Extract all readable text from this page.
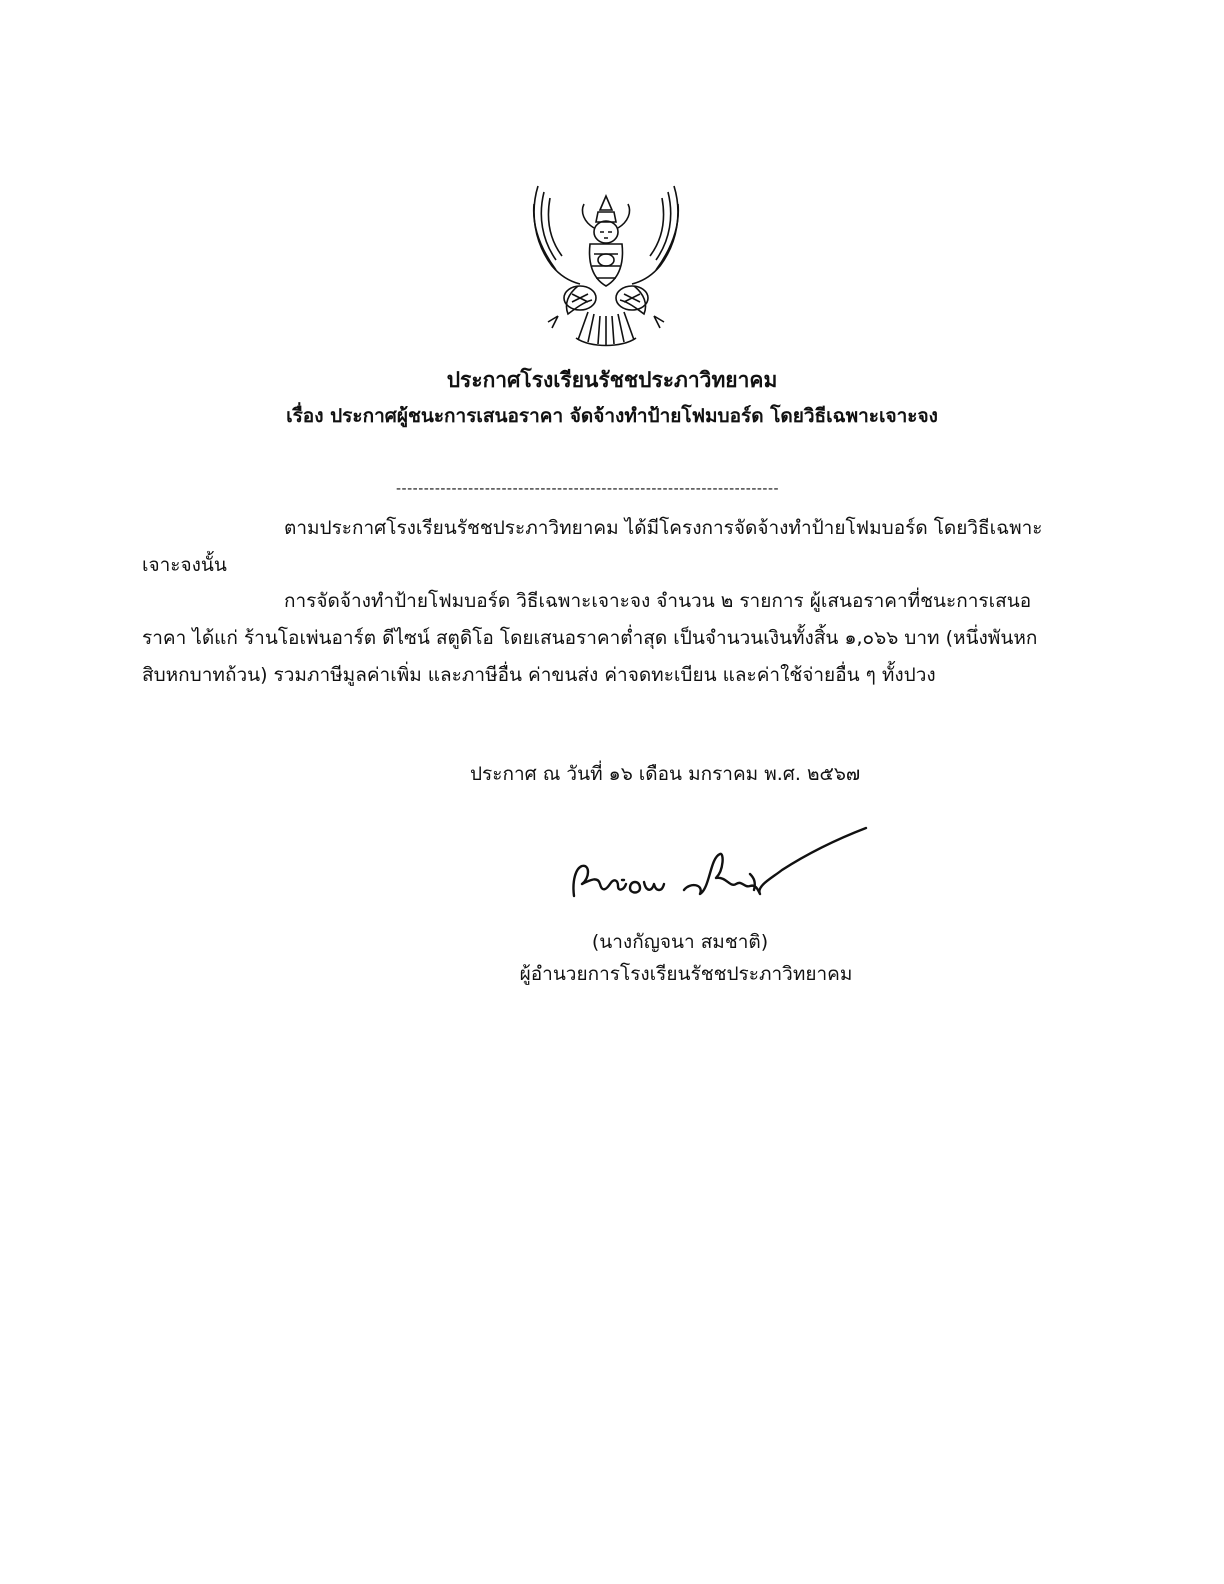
ประกาศโรงเรียนรัชชประภาวิทยาคม
เรื่อง ประกาศผู้ชนะการเสนอราคา จัดจ้างทำป้ายโฟมบอร์ด โดยวิธีเฉพาะเจาะจง
---------------------------------------------------------------------

ตามประกาศโรงเรียนรัชชประภาวิทยาคม ได้มีโครงการจัดจ้างทำป้ายโฟมบอร์ด โดยวิธีเฉพาะเจาะจงนั้น

การจัดจ้างทำป้ายโฟมบอร์ด วิธีเฉพาะเจาะจง จำนวน ๒ รายการ ผู้เสนอราคาที่ชนะการเสนอราคา ได้แก่ ร้านโอเพ่นอาร์ต ดีไซน์ สตูดิโอ โดยเสนอราคาต่ำสุด เป็นจำนวนเงินทั้งสิ้น ๑,๐๖๖ บาท (หนึ่งพันหกสิบหกบาทถ้วน) รวมภาษีมูลค่าเพิ่ม และภาษีอื่น ค่าขนส่ง ค่าจดทะเบียน และค่าใช้จ่ายอื่น ๆ ทั้งปวง

ประกาศ ณ วันที่ ๑๖ เดือน มกราคม พ.ศ. ๒๕๖๗
(นางกัญจนา สมชาติ)
ผู้อำนวยการโรงเรียนรัชชประภาวิทยาคม
